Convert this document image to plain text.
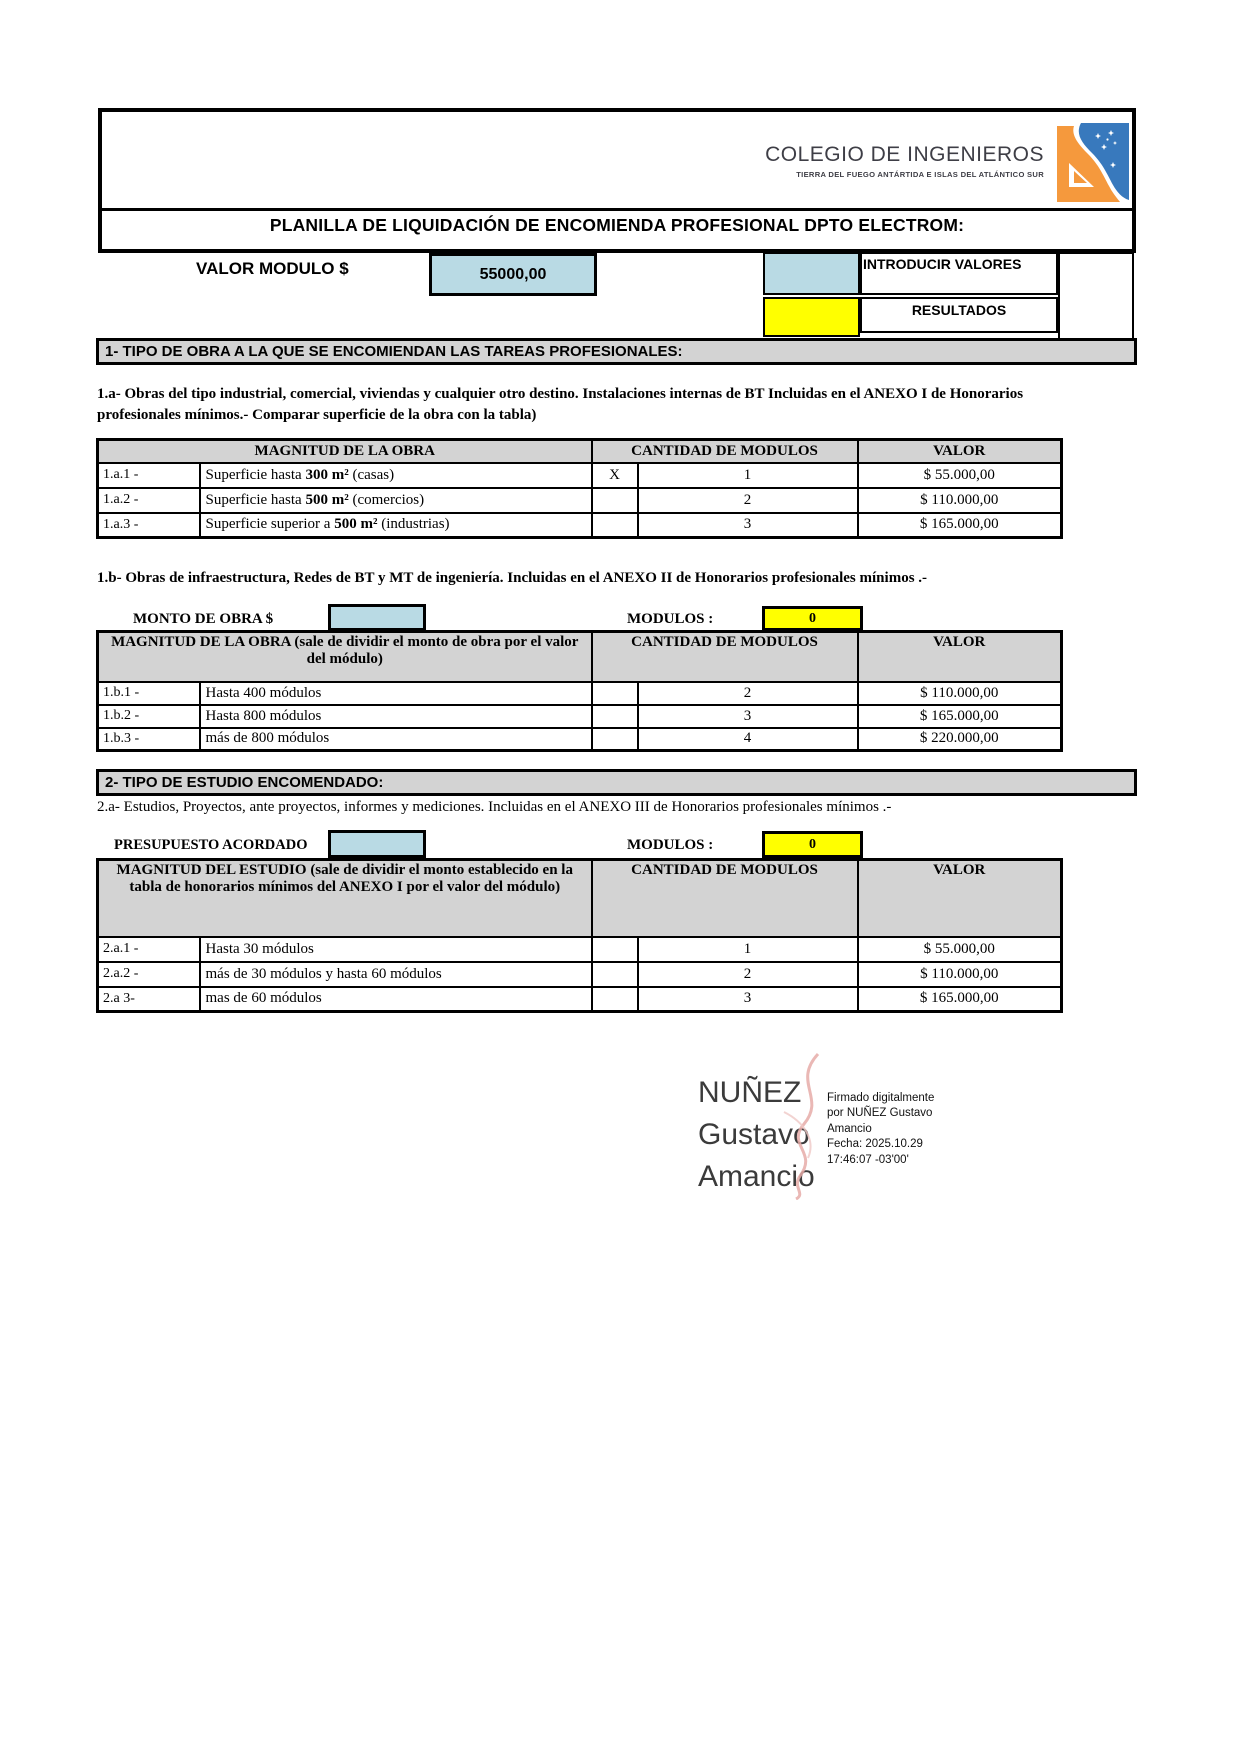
COLEGIO DE INGENIEROS
TIERRA DEL FUEGO ANTÁRTIDA E ISLAS DEL ATLÁNTICO SUR
PLANILLA DE LIQUIDACIÓN DE ENCOMIENDA PROFESIONAL DPTO ELECTROM:
VALOR MODULO $	55000,00
INTRODUCIR VALORES
RESULTADOS
1- TIPO DE OBRA A LA QUE SE ENCOMIENDAN LAS TAREAS PROFESIONALES:
1.a- Obras del tipo industrial, comercial, viviendas y cualquier otro destino. Instalaciones internas de BT Incluidas en el ANEXO I de Honorarios profesionales mínimos.- Comparar superficie de la obra con la tabla)
MAGNITUD DE LA OBRA		CANTIDAD DE MODULOS		VALOR
1.a.1 -	Superficie hasta 300 m² (casas)	X	1	$ 55.000,00
1.a.2 -	Superficie hasta 500 m² (comercios)		2	$ 110.000,00
1.a.3 -	Superficie superior a 500 m² (industrias)		3	$ 165.000,00
1.b- Obras de infraestructura, Redes de BT y MT de ingeniería. Incluidas en el ANEXO II de Honorarios profesionales mínimos .-
MONTO DE OBRA $	MODULOS :	0
MAGNITUD DE LA OBRA (sale de dividir el monto de obra por el valor del módulo)		CANTIDAD DE MODULOS		VALOR
1.b.1 -	Hasta 400 módulos		2	$ 110.000,00
1.b.2 -	Hasta 800 módulos		3	$ 165.000,00
1.b.3 -	más de 800 módulos		4	$ 220.000,00
2- TIPO DE ESTUDIO ENCOMENDADO:
2.a- Estudios, Proyectos, ante proyectos, informes y mediciones. Incluidas en el ANEXO III de Honorarios profesionales mínimos .-
PRESUPUESTO ACORDADO	MODULOS :	0
MAGNITUD DEL ESTUDIO (sale de dividir el monto establecido en la tabla de honorarios mínimos del ANEXO I por el valor del módulo)		CANTIDAD DE MODULOS		VALOR
2.a.1 -	Hasta 30 módulos		1	$ 55.000,00
2.a.2 -	más de 30 módulos y hasta 60 módulos		2	$ 110.000,00
2.a 3-	mas de 60 módulos		3	$ 165.000,00
NUÑEZ
Gustavo
Amancio
Firmado digitalmente
por NUÑEZ Gustavo
Amancio
Fecha: 2025.10.29
17:46:07 -03'00'
